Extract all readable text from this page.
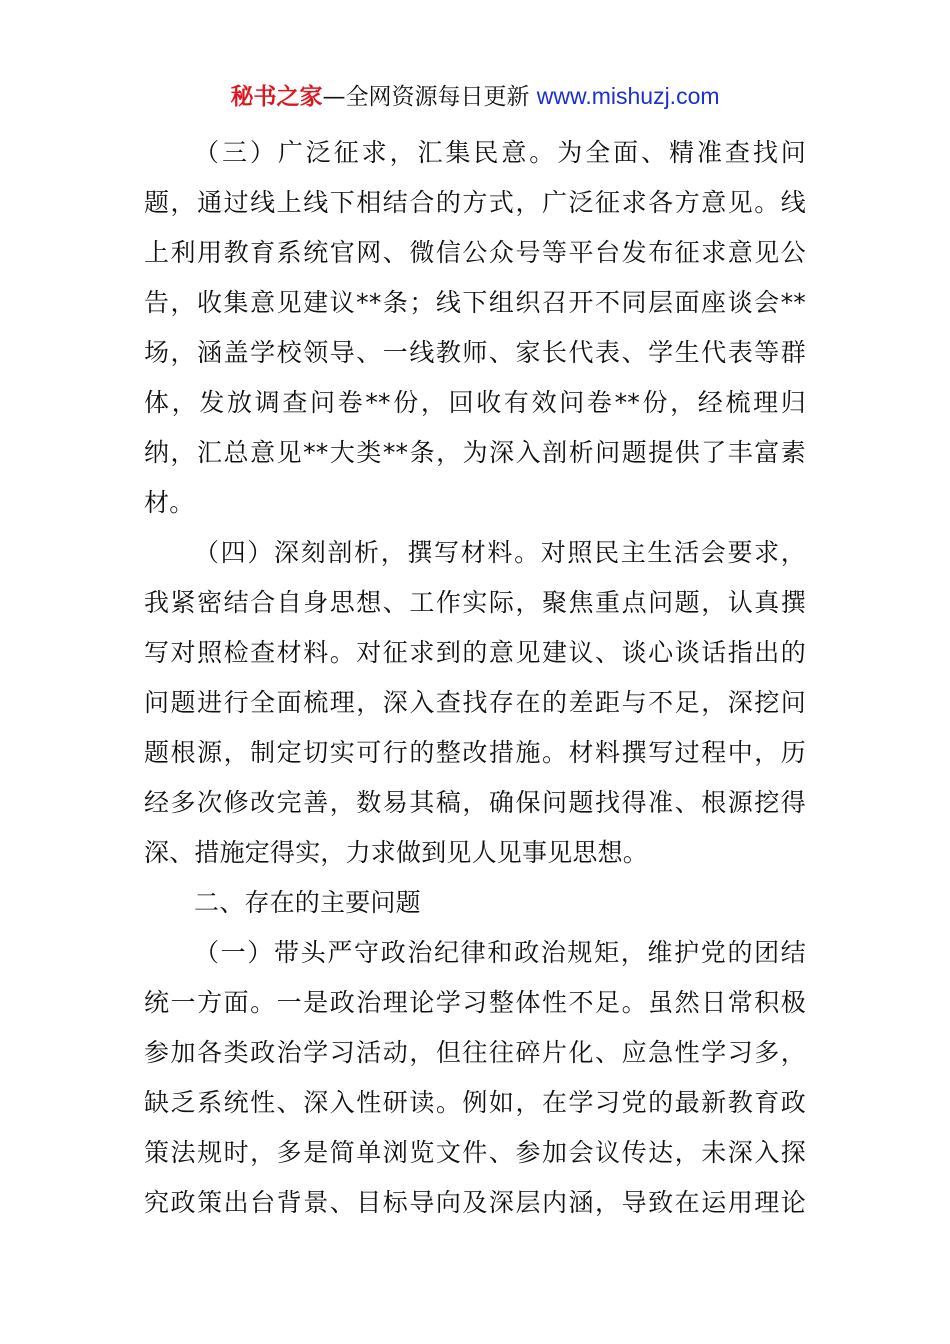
秘书之家—全网资源每日更新 www.mishuzj.com
（三）广泛征求，汇集民意。为全面、精准查找问
题，通过线上线下相结合的方式，广泛征求各方意见。线
上利用教育系统官网、微信公众号等平台发布征求意见公
告，收集意见建议**条；线下组织召开不同层面座谈会**
场，涵盖学校领导、一线教师、家长代表、学生代表等群
体，发放调查问卷**份，回收有效问卷**份，经梳理归
纳，汇总意见**大类**条，为深入剖析问题提供了丰富素
材。
（四）深刻剖析，撰写材料。对照民主生活会要求，
我紧密结合自身思想、工作实际，聚焦重点问题，认真撰
写对照检查材料。对征求到的意见建议、谈心谈话指出的
问题进行全面梳理，深入查找存在的差距与不足，深挖问
题根源，制定切实可行的整改措施。材料撰写过程中，历
经多次修改完善，数易其稿，确保问题找得准、根源挖得
深、措施定得实，力求做到见人见事见思想。
二、存在的主要问题
（一）带头严守政治纪律和政治规矩，维护党的团结
统一方面。一是政治理论学习整体性不足。虽然日常积极
参加各类政治学习活动，但往往碎片化、应急性学习多，
缺乏系统性、深入性研读。例如，在学习党的最新教育政
策法规时，多是简单浏览文件、参加会议传达，未深入探
究政策出台背景、目标导向及深层内涵，导致在运用理论
